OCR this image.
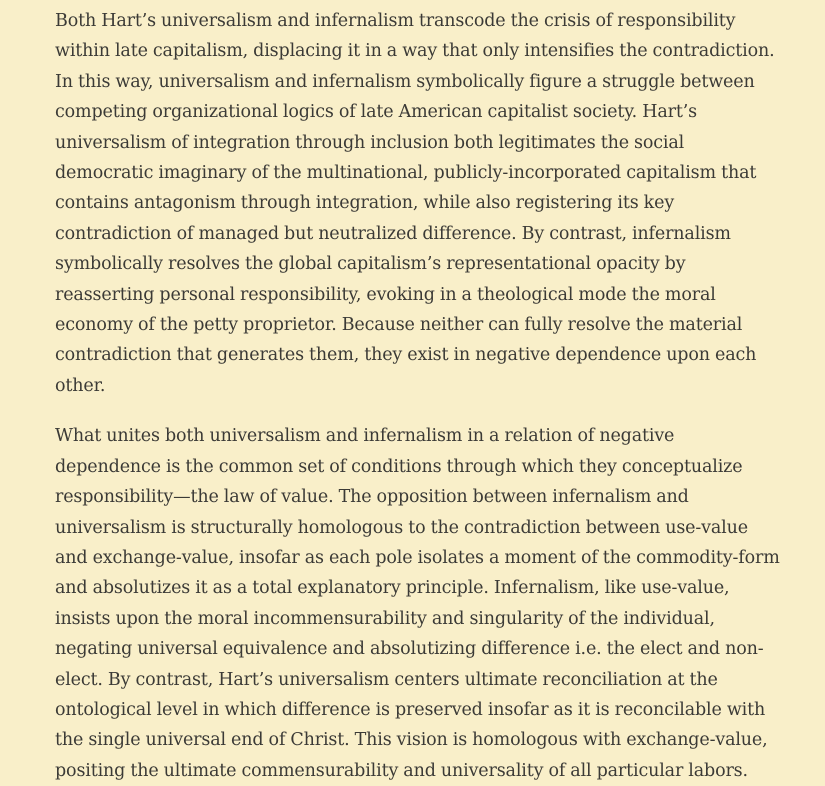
Both Hart’s universalism and infernalism transcode the crisis of responsibility within late capitalism, displacing it in a way that only intensifies the contradiction. In this way, universalism and infernalism symbolically figure a struggle between competing organizational logics of late American capitalist society. Hart’s universalism of integration through inclusion both legitimates the social democratic imaginary of the multinational, publicly-incorporated capitalism that contains antagonism through integration, while also registering its key contradiction of managed but neutralized difference. By contrast, infernalism symbolically resolves the global capitalism’s representational opacity by reasserting personal responsibility, evoking in a theological mode the moral economy of the petty proprietor. Because neither can fully resolve the material contradiction that generates them, they exist in negative dependence upon each other.

What unites both universalism and infernalism in a relation of negative dependence is the common set of conditions through which they conceptualize responsibility—the law of value. The opposition between infernalism and universalism is structurally homologous to the contradiction between use-value and exchange-value, insofar as each pole isolates a moment of the commodity-form and absolutizes it as a total explanatory principle. Infernalism, like use-value, insists upon the moral incommensurability and singularity of the individual, negating universal equivalence and absolutizing difference i.e. the elect and non-elect. By contrast, Hart’s universalism centers ultimate reconciliation at the ontological level in which difference is preserved insofar as it is reconcilable with the single universal end of Christ. This vision is homologous with exchange-value, positing the ultimate commensurability and universality of all particular labors.
